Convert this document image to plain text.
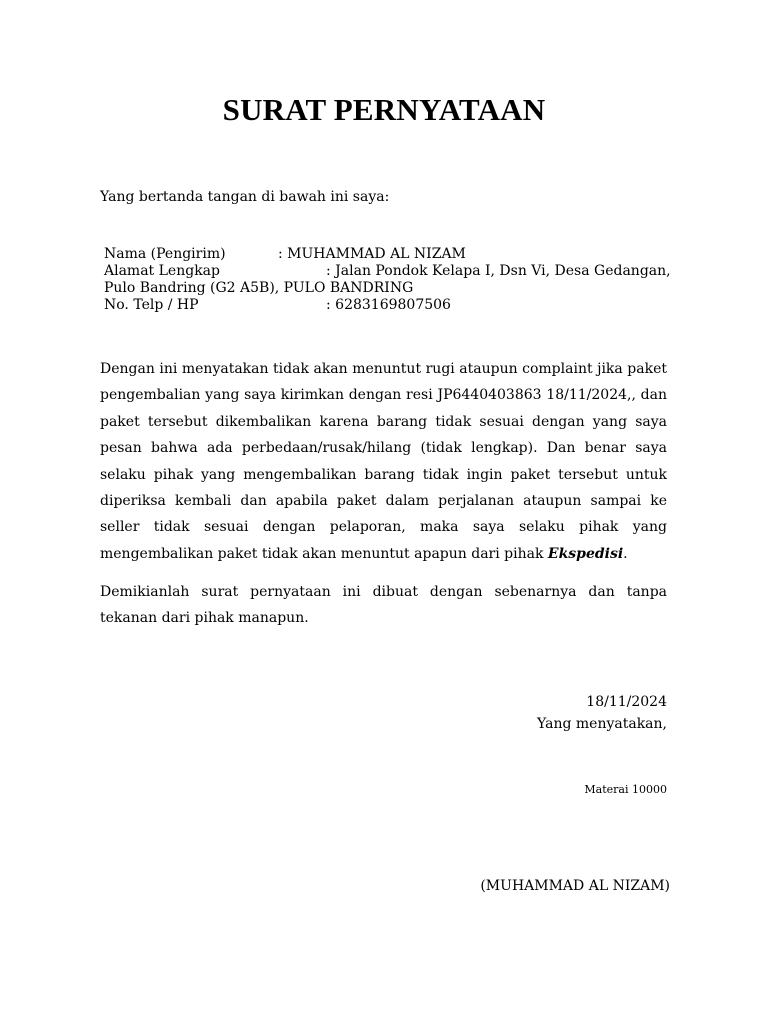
SURAT PERNYATAAN
Yang bertanda tangan di bawah ini saya:
Nama (Pengirim)	: MUHAMMAD AL NIZAM
Alamat Lengkap	: Jalan Pondok Kelapa I, Dsn Vi, Desa Gedangan,
Pulo Bandring (G2 A5B), PULO BANDRING
No. Telp / HP	: 6283169807506

Dengan ini menyatakan tidak akan menuntut rugi ataupun complaint jika paket pengembalian yang saya kirimkan dengan resi JP6440403863 18/11/2024,, dan paket tersebut dikembalikan karena barang tidak sesuai dengan yang saya pesan bahwa ada perbedaan/rusak/hilang (tidak lengkap). Dan benar saya selaku pihak yang mengembalikan barang tidak ingin paket tersebut untuk diperiksa kembali dan apabila paket dalam perjalanan ataupun sampai ke seller tidak sesuai dengan pelaporan, maka saya selaku pihak yang mengembalikan paket tidak akan menuntut apapun dari pihak Ekspedisi.

Demikianlah surat pernyataan ini dibuat dengan sebenarnya dan tanpa tekanan dari pihak manapun.

18/11/2024
Yang menyatakan,
Materai 10000
(MUHAMMAD AL NIZAM)
